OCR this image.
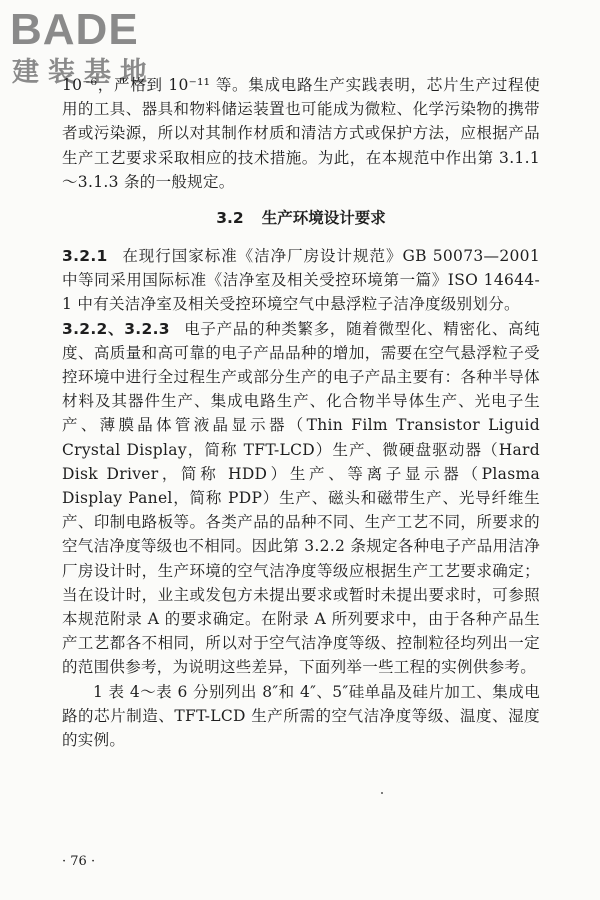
BADE
建装基地

10⁻⁶，严格到 10⁻¹¹ 等。集成电路生产实践表明，芯片生产过程使用的工具、器具和物料储运装置也可能成为微粒、化学污染物的携带者或污染源，所以对其制作材质和清洁方式或保护方法，应根据产品生产工艺要求采取相应的技术措施。为此，在本规范中作出第 3.1.1～3.1.3 条的一般规定。

3.2 生产环境设计要求

3.2.1 在现行国家标准《洁净厂房设计规范》GB 50073—2001 中等同采用国际标准《洁净室及相关受控环境第一篇》ISO 14644-1 中有关洁净室及相关受控环境空气中悬浮粒子洁净度级别划分。

3.2.2、3.2.3 电子产品的种类繁多，随着微型化、精密化、高纯度、高质量和高可靠的电子产品品种的增加，需要在空气悬浮粒子受控环境中进行全过程生产或部分生产的电子产品主要有：各种半导体材料及其器件生产、集成电路生产、化合物半导体生产、光电子生产、薄膜晶体管液晶显示器（Thin Film Transistor Liguid Crystal Display，简称 TFT-LCD）生产、微硬盘驱动器（Hard Disk Driver，简称 HDD）生产、等离子显示器（Plasma Display Panel，简称 PDP）生产、磁头和磁带生产、光导纤维生产、印制电路板等。各类产品的品种不同、生产工艺不同，所要求的空气洁净度等级也不相同。因此第 3.2.2 条规定各种电子产品用洁净厂房设计时，生产环境的空气洁净度等级应根据生产工艺要求确定；当在设计时，业主或发包方未提出要求或暂时未提出要求时，可参照本规范附录 A 的要求确定。在附录 A 所列要求中，由于各种产品生产工艺都各不相同，所以对于空气洁净度等级、控制粒径均列出一定的范围供参考，为说明这些差异，下面列举一些工程的实例供参考。

1 表 4～表 6 分别列出 8″和 4″、5″硅单晶及硅片加工、集成电路的芯片制造、TFT-LCD 生产所需的空气洁净度等级、温度、湿度的实例。

· 76 ·
